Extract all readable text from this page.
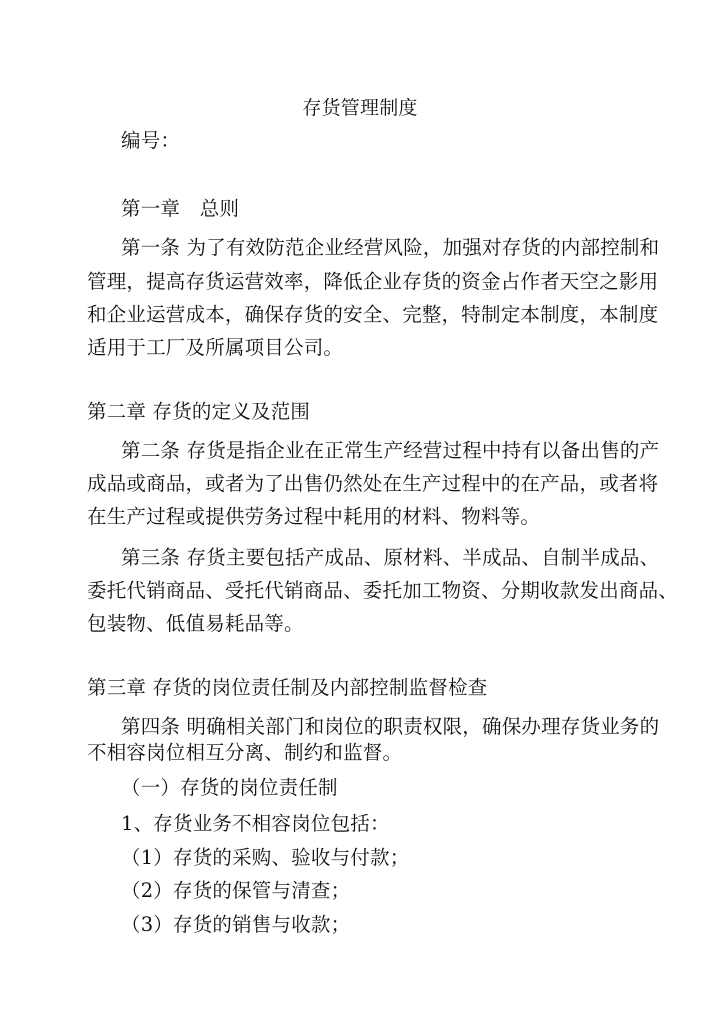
存货管理制度
编号：
第一章　总则
第一条 为了有效防范企业经营风险，加强对存货的内部控制和
管理，提高存货运营效率，降低企业存货的资金占作者天空之影用
和企业运营成本，确保存货的安全、完整，特制定本制度，本制度
适用于工厂及所属项目公司。
第二章 存货的定义及范围
第二条 存货是指企业在正常生产经营过程中持有以备出售的产
成品或商品，或者为了出售仍然处在生产过程中的在产品，或者将
在生产过程或提供劳务过程中耗用的材料、物料等。
第三条 存货主要包括产成品、原材料、半成品、自制半成品、
委托代销商品、受托代销商品、委托加工物资、分期收款发出商品、
包装物、低值易耗品等。
第三章 存货的岗位责任制及内部控制监督检查
第四条 明确相关部门和岗位的职责权限，确保办理存货业务的
不相容岗位相互分离、制约和监督。
（一）存货的岗位责任制
1、存货业务不相容岗位包括：
（1）存货的采购、验收与付款；
（2）存货的保管与清查；
（3）存货的销售与收款；
